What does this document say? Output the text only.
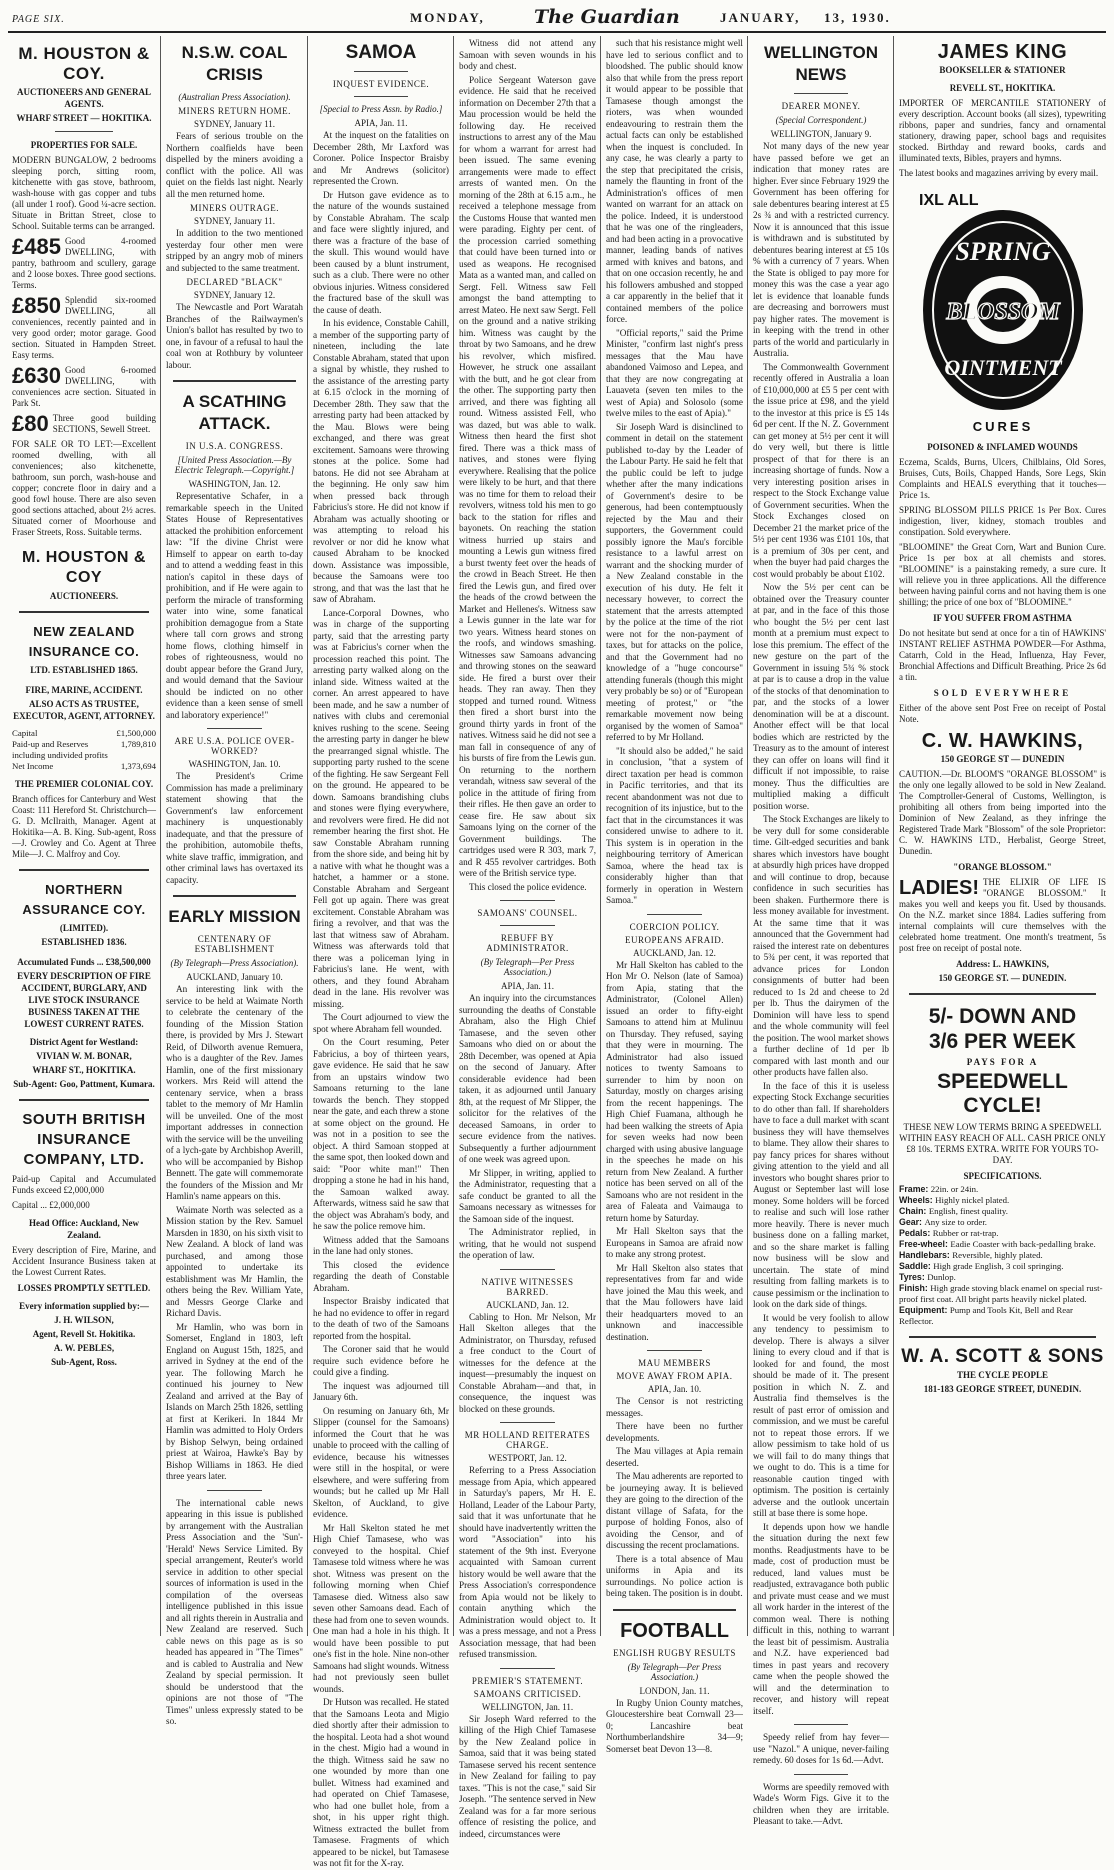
PAGE SIX.	MONDAY,	The Guardian	JANUARY, 13, 1930.
M. HOUSTON & COY.
AUCTIONEERS AND GENERAL AGENTS.
WHARF STREET — HOKITIKA.
PROPERTIES FOR SALE.
MODERN BUNGALOW, 2 bedrooms sleeping porch, sitting room, kitchenette with gas stove, bathroom, wash-house with gas copper and tubs (all under 1 roof). Good ¼-acre section. Situate in Brittan Street, close to School. Suitable terms can be arranged.
£485 Good 4-roomed DWELLING, with pantry, bathroom and scullery, garage and 2 loose boxes. Three good sections. Terms.
£850 Splendid six-roomed DWELLING, all conveniences, recently painted and in very good order; motor garage. Good section. Situated in Hampden Street. Easy terms.
£630 Good 6-roomed DWELLING, with conveniences acre section. Situated in Park St.
£80 Three good building SECTIONS, Sewell Street.
FOR SALE OR TO LET:—Excellent roomed dwelling, with all conveniences; also kitchenette, bathroom, sun porch, wash-house and copper; concrete floor in dairy and a good fowl house. There are also seven good sections attached, about 2½ acres. Situated corner of Moorhouse and Fraser Streets, Ross. Suitable terms.
M. HOUSTON & COY
AUCTIONEERS.
NEW ZEALAND INSURANCE CO.
LTD. ESTABLISHED 1865.
FIRE, MARINE, ACCIDENT.
ALSO ACTS AS TRUSTEE, EXECUTOR, AGENT, ATTORNEY.
Capital	£1,500,000
Paid-up and Reserves including undivided profits
1,789,810
Net Income	1,373,694
THE PREMIER COLONIAL COY.
Branch offices for Canterbury and West Coast: 111 Hereford St. Christchurch—G. D. McIlraith, Manager. Agent at Hokitika—A. B. King. Sub-agent, Ross—J. Crowley and Co. Agent at Three Mile—J. C. Malfroy and Coy.
NORTHERN ASSURANCE COY.
(LIMITED).
ESTABLISHED 1836.
Accumulated Funds ... £38,500,000
EVERY DESCRIPTION OF FIRE ACCIDENT, BURGLARY, AND LIVE STOCK INSURANCE BUSINESS TAKEN AT THE LOWEST CURRENT RATES.
District Agent for Westland:
VIVIAN W. M. BONAR,
WHARF ST., HOKITIKA.
Sub-Agent: Goo, Pattment, Kumara.
SOUTH BRITISH INSURANCE COMPANY, LTD.
Paid-up Capital and Accumulated Funds exceed £2,000,000
Capital ... £2,000,000
Head Office: Auckland, New Zealand.
Every description of Fire, Marine, and Accident Insurance Business taken at the Lowest Current Rates.
LOSSES PROMPTLY SETTLED.
Every information supplied by:—
J. H. WILSON,
Agent, Revell St. Hokitika.
A. W. PEBLES,
Sub-Agent, Ross.
N.S.W. COAL CRISIS
(Australian Press Association).
MINERS RETURN HOME.
SYDNEY, January 11.

Fears of serious trouble on the Northern coalfields have been dispelled by the miners avoiding a conflict with the police. All was quiet on the fields last night. Nearly all the men returned home.

MINERS OUTRAGE.
SYDNEY, January 11.

In addition to the two mentioned yesterday four other men were stripped by an angry mob of miners and subjected to the same treatment.

DECLARED "BLACK"
SYDNEY, January 12.

The Newcastle and Port Waratah Branches of the Railwaymen's Union's ballot has resulted by two to one, in favour of a refusal to haul the coal won at Rothbury by volunteer labour.

A SCATHING ATTACK.
IN U.S.A. CONGRESS.
[United Press Association.—By Electric Telegraph.—Copyright.]
WASHINGTON, Jan. 12.

Representative Schafer, in a remarkable speech in the United States House of Representatives attacked the prohibition enforcement law: "If the divine Christ were Himself to appear on earth to-day and to attend a wedding feast in this nation's capitol in these days of prohibition, and if He were again to perform the miracle of transforming water into wine, some fanatical prohibition demagogue from a State where tall corn grows and strong home flows, clothing himself in robes of righteousness, would no doubt appear before the Grand Jury, and would demand that the Saviour should be indicted on no other evidence than a keen sense of smell and laboratory experience!"

ARE U.S.A. POLICE OVER-WORKED?
WASHINGTON, Jan. 10.

The President's Crime Commission has made a preliminary statement showing that the Government's law enforcement machinery is unquestionably inadequate, and that the pressure of the prohibition, automobile thefts, white slave traffic, immigration, and other criminal laws has overtaxed its capacity.

EARLY MISSION
CENTENARY OF ESTABLISHMENT
(By Telegraph—Press Association).
AUCKLAND, January 10.

An interesting link with the service to be held at Waimate North to celebrate the centenary of the founding of the Mission Station there, is provided by Mrs J. Stewart Reid, of Dilworth avenue Remuera, who is a daughter of the Rev. James Hamlin, one of the first missionary workers. Mrs Reid will attend the centenary service, when a brass tablet to the memory of Mr Hamlin will be unveiled. One of the most important addresses in connection with the service will be the unveiling of a lych-gate by Archbishop Averill, who will be accompanied by Bishop Bennett. The gate will commemorate the founders of the Mission and Mr Hamlin's name appears on this.

Waimate North was selected as a Mission station by the Rev. Samuel Marsden in 1830, on his sixth visit to New Zealand. A block of land was purchased, and among those appointed to undertake its establishment was Mr Hamlin, the others being the Rev. William Yate, and Messrs George Clarke and Richard Davis.

Mr Hamlin, who was born in Somerset, England in 1803, left England on August 15th, 1825, and arrived in Sydney at the end of the year. The following March he continued his journey to New Zealand and arrived at the Bay of Islands on March 25th 1826, settling at first at Kerikeri. In 1844 Mr Hamlin was admitted to Holy Orders by Bishop Selwyn, being ordained priest at Wairoa, Hawke's Bay by Bishop Williams in 1863. He died three years later.

The international cable news appearing in this issue is published by arrangement with the Australian Press Association and the 'Sun'-'Herald' News Service Limited. By special arrangement, Reuter's world service in addition to other special sources of information is used in the compilation of the overseas intelligence published in this issue and all rights therein in Australia and New Zealand are reserved. Such cable news on this page as is so headed has appeared in "The Times" and is cabled to Australia and New Zealand by special permission. It should be understood that the opinions are not those of "The Times" unless expressly stated to be so.

SAMOA
INQUEST EVIDENCE.
[Special to Press Assn. by Radio.]
APIA, Jan. 11.

At the inquest on the fatalities on December 28th, Mr Laxford was Coroner. Police Inspector Braisby and Mr Andrews (solicitor) represented the Crown.

Dr Hutson gave evidence as to the nature of the wounds sustained by Constable Abraham. The scalp and face were slightly injured, and there was a fracture of the base of the skull. This wound would have been caused by a blunt instrument, such as a club. There were no other obvious injuries. Witness considered the fractured base of the skull was the cause of death.

In his evidence, Constable Cahill, a member of the supporting party of nineteen, including the late Constable Abraham, stated that upon a signal by whistle, they rushed to the assistance of the arresting party at 6.15 o'clock in the morning of December 28th. They saw that the arresting party had been attacked by the Mau. Blows were being exchanged, and there was great excitement. Samoans were throwing stones at the police. Some had batons. He did not see Abraham at the beginning. He only saw him when pressed back through Fabricius's store. He did not know if Abraham was actually shooting or was attempting to reload his revolver or nor did he know what caused Abraham to be knocked down. Assistance was impossible, because the Samoans were too strong, and that was the last that he saw of Abraham.

Lance-Corporal Downes, who was in charge of the supporting party, said that the arresting party was at Fabricius's corner when the procession reached this point. The arresting party walked along on the inland side. Witness waited at the corner. An arrest appeared to have been made, and he saw a number of natives with clubs and ceremonial knives rushing to the scene. Seeing the arresting party in danger he blew the prearranged signal whistle. The supporting party rushed to the scene of the fighting. He saw Sergeant Fell on the ground. He appeared to be down. Samoans brandishing clubs and stones were flying everywhere, and revolvers were fired. He did not remember hearing the first shot. He saw Constable Abraham running from the shore side, and being hit by a native with what he thought was a hatchet, a hammer or a stone. Constable Abraham and Sergeant Fell got up again. There was great excitement. Constable Abraham was firing a revolver, and that was the last that witness saw of Abraham. Witness was afterwards told that there was a policeman lying in Fabricius's lane. He went, with others, and they found Abraham dead in the lane. His revolver was missing.

The Court adjourned to view the spot where Abraham fell wounded.

On the Court resuming, Peter Fabricius, a boy of thirteen years, gave evidence. He said that he saw from an upstairs window two Samoans returning to the lane towards the bench. They stopped near the gate, and each threw a stone at some object on the ground. He was not in a position to see the object. A third Samoan stopped at the same spot, then looked down and said: "Poor white man!" Then dropping a stone he had in his hand, the Samoan walked away. Afterwards, witness said he saw that the object was Abraham's body, and he saw the police remove him.

Witness added that the Samoans in the lane had only stones.

This closed the evidence regarding the death of Constable Abraham.

Inspector Braisby indicated that he had no evidence to offer in regard to the death of two of the Samoans reported from the hospital.

The Coroner said that he would require such evidence before he could give a finding.

The inquest was adjourned till January 6th.

On resuming on January 6th, Mr Slipper (counsel for the Samoans) informed the Court that he was unable to proceed with the calling of evidence, because his witnesses were still in the hospital, or were elsewhere, and were suffering from wounds; but he called up Mr Hall Skelton, of Auckland, to give evidence.

Mr Hall Skelton stated he met High Chief Tamasese, who was conveyed to the hospital. Chief Tamasese told witness where he was shot. Witness was present on the following morning when Chief Tamasese died. Witness also saw seven other Samoans dead. Each of these had from one to seven wounds. One man had a hole in his thigh. It would have been possible to put one's fist in the hole. Nine non-other Samoans had slight wounds. Witness had not previously seen bullet wounds.

Dr Hutson was recalled. He stated that the Samoans Leota and Migio died shortly after their admission to the hospital. Leota had a shot wound in the chest. Migio had a wound in the thigh. Witness said he saw no one wounded by more than one bullet. Witness had examined and had operated on Chief Tamasese, who had one bullet hole, from a shot, in his upper right thigh. Witness extracted the bullet from Tamasese. Fragments of which appeared to be nickel, but Tamasese was not fit for the X-ray.

Witness did not attend any Samoan with seven wounds in his body and chest.

Police Sergeant Waterson gave evidence. He said that he received information on December 27th that a Mau procession would be held the following day. He received instructions to arrest any of the Mau for whom a warrant for arrest had been issued. The same evening arrangements were made to effect arrests of wanted men. On the morning of the 28th at 6.15 a.m., he received a telephone message from the Customs House that wanted men were parading. Eighty per cent. of the procession carried something that could have been turned into or used as weapons. He recognised Mata as a wanted man, and called on Sergt. Fell. Witness saw Fell amongst the band attempting to arrest Mateo. He next saw Sergt. Fell on the ground and a native striking him. Witness was caught by the throat by two Samoans, and he drew his revolver, which misfired. However, he struck one assailant with the butt, and he got clear from the other. The supporting party then arrived, and there was fighting all round. Witness assisted Fell, who was dazed, but was able to walk. Witness then heard the first shot fired. There was a thick mass of natives, and stones were flying everywhere. Realising that the police were likely to be hurt, and that there was no time for them to reload their revolvers, witness told his men to go back to the station for rifles and bayonets. On reaching the station witness hurried up stairs and mounting a Lewis gun witness fired a burst twenty feet over the heads of the crowd in Beach Street. He then fired the Lewis gun, and fired over the heads of the crowd between the Market and Hellenes's. Witness saw a Lewis gunner in the late war for two years. Witness heard stones on the roofs, and windows smashing. Witnesses saw Samoans advancing and throwing stones on the seaward side. He fired a burst over their heads. They ran away. Then they stopped and turned round. Witness then fired a short burst into the ground thirty yards in front of the natives. Witness said he did not see a man fall in consequence of any of his bursts of fire from the Lewis gun. On returning to the northern verandah, witness saw several of the police in the attitude of firing from their rifles. He then gave an order to cease fire. He saw about six Samoans lying on the corner of the Government buildings. The cartridges used were R 303, mark 7, and R 455 revolver cartridges. Both were of the British service type.

This closed the police evidence.

SAMOANS' COUNSEL.
REBUFF BY ADMINISTRATOR.
(By Telegraph—Per Press Association.)
APIA, Jan. 11.

An inquiry into the circumstances surrounding the deaths of Constable Abraham, also the High Chief Tamasese, and the seven other Samoans who died on or about the 28th December, was opened at Apia on the second of January. After considerable evidence had been taken, it as adjourned until January 8th, at the request of Mr Slipper, the solicitor for the relatives of the deceased Samoans, in order to secure evidence from the natives. Subsequently a further adjournment of one week was agreed upon.

Mr Slipper, in writing, applied to the Administrator, requesting that a safe conduct be granted to all the Samoans necessary as witnesses for the Samoan side of the inquest.

The Administrator replied, in writing, that he would not suspend the operation of law.

NATIVE WITNESSES BARRED.
AUCKLAND, Jan. 12.

Cabling to Hon. Mr Nelson, Mr Hall Skelton alleges that the Administrator, on Thursday, refused a free conduct to the Court of witnesses for the defence at the inquest—presumably the inquest on Constable Abraham—and that, in consequence, the inquest was blocked on these grounds.

MR HOLLAND REITERATES CHARGE.
WESTPORT, Jan. 12.

Referring to a Press Association message from Apia, which appeared in Saturday's papers, Mr H. E. Holland, Leader of the Labour Party, said that it was unfortunate that he should have inadvertently written the word "Association" into his statement of the 9th inst. Everyone acquainted with Samoan current history would be well aware that the Press Association's correspondence from Apia would not be likely to contain anything which the Administration would object to. It was a press message, and not a Press Association message, that had been refused transmission.

PREMIER'S STATEMENT.
SAMOANS CRITICISED.
WELLINGTON, Jan. 11.

Sir Joseph Ward referred to the killing of the High Chief Tamasese by the New Zealand police in Samoa, said that it was being stated Tamasese served his recent sentence in New Zealand for failing to pay taxes. "This is not the case," said Sir Joseph. "The sentence served in New Zealand was for a far more serious offence of resisting the police, and indeed, circumstances were

such that his resistance might well have led to serious conflict and to bloodshed. The public should know also that while from the press report it would appear to be possible that Tamasese though amongst the rioters, was when wounded endeavouring to restrain them the actual facts can only be established when the inquest is concluded. In any case, he was clearly a party to the step that precipitated the crisis, namely the flaunting in front of the Administration's offices of men wanted on warrant for an attack on the police. Indeed, it is understood that he was one of the ringleaders, and had been acting in a provocative manner, leading bands of natives armed with knives and batons, and that on one occasion recently, he and his followers ambushed and stopped a car apparently in the belief that it contained members of the police force.

"Official reports," said the Prime Minister, "confirm last night's press messages that the Mau have abandoned Vaimoso and Lepea, and that they are now congregating at Lauaveta (seven ten miles to the west of Apia) and Solosolo (some twelve miles to the east of Apia)."

Sir Joseph Ward is disinclined to comment in detail on the statement published to-day by the Leader of the Labour Party. He said he felt that the public could be left to judge whether after the many indications of Government's desire to be generous, had been contemptuously rejected by the Mau and their supporters, the Government could possibly ignore the Mau's forcible resistance to a lawful arrest on warrant and the shocking murder of a New Zealand constable in the execution of his duty. He felt it necessary however, to correct the statement that the arrests attempted by the police at the time of the riot were not for the non-payment of taxes, but for attacks on the police, and that the Government had no knowledge of a "huge concourse" attending funerals (though this might very probably be so) or of "European meeting of protest," or "the remarkable movement now being organised by the women of Samoa" referred to by Mr Holland.

"It should also be added," he said in conclusion, "that a system of direct taxation per head is common in Pacific territories, and that its recent abandonment was not due to recognition of its injustice, but to the fact that in the circumstances it was considered unwise to adhere to it. This system is in operation in the neighbouring territory of American Samoa, where the head tax is considerably higher than that formerly in operation in Western Samoa."

COERCION POLICY.
EUROPEANS AFRAID.
AUCKLAND, Jan. 12.

Mr Hall Skelton has cabled to the Hon Mr O. Nelson (late of Samoa) from Apia, stating that the Administrator, (Colonel Allen) issued an order to fifty-eight Samoans to attend him at Mulinuu on Thursday. They refused, saying that they were in mourning. The Administrator had also issued notices to twenty Samoans to surrender to him by noon on Saturday, mostly on charges arising from the recent happenings. The High Chief Fuamana, although he had been walking the streets of Apia for seven weeks had now been charged with using abusive language in the speeches he made on his return from New Zealand. A further notice has been served on all of the Samoans who are not resident in the area of Faleata and Vaimauga to return home by Saturday.

Mr Hall Skelton says that the Europeans in Samoa are afraid now to make any strong protest.

Mr Hall Skelton also states that representatives from far and wide have joined the Mau this week, and that the Mau followers have laid their headquarters moved to an unknown and inaccessible destination.

MAU MEMBERS
MOVE AWAY FROM APIA.
APIA, Jan. 10.

The Censor is not restricting messages.

There have been no further developments.

The Mau villages at Apia remain deserted.

The Mau adherents are reported to be journeying away. It is believed they are going to the direction of the distant village of Safata, for the purpose of holding Fonos, also of avoiding the Censor, and of discussing the recent proclamations.

There is a total absence of Mau uniforms in Apia and its surroundings. No police action is being taken. The position is in doubt.

FOOTBALL
ENGLISH RUGBY RESULTS
(By Telegraph—Per Press Association.)
LONDON, Jan. 11.

In Rugby Union County matches, Gloucestershire beat Cornwall 23—0; Lancashire beat Northumberlandshire 34—9; Somerset beat Devon 13—8.

WELLINGTON NEWS
DEARER MONEY.
(Special Correspondent.)
WELLINGTON, January 9.

Not many days of the new year have passed before we get an indication that money rates are higher. Ever since February 1929 the Government has been offering for sale debentures bearing interest at £5 2s ¾ and with a restricted currency. Now it is announced that this issue is withdrawn and is substituted by debentures bearing interest at £5 10s % with a currency of 7 years. When the State is obliged to pay more for money this was the case a year ago let is evidence that loanable funds are decreasing and borrowers must pay higher rates. The movement is in keeping with the trend in other parts of the world and particularly in Australia.

The Commonwealth Government recently offered in Australia a loan of £10,000,000 at £5 5 per cent with the issue price at £98, and the yield to the investor at this price is £5 14s 6d per cent. If the N. Z. Government can get money at 5½ per cent it will do very well, but there is little prospect of that for there is an increasing shortage of funds. Now a very interesting position arises in respect to the Stock Exchange value of Government securities. When the Stock Exchanges closed on December 21 the market price of the 5½ per cent 1936 was £101 10s, that is a premium of 30s per cent, and when the buyer had paid charges the cost would probably be about £102.

Now the 5½ per cent can be obtained over the Treasury counter at par, and in the face of this those who bought the 5½ per cent last month at a premium must expect to lose this premium. The effect of the new gesture on the part of the Government in issuing 5¾ % stock at par is to cause a drop in the value of the stocks of that denomination to par, and the stocks of a lower denomination will be at a discount. Another effect will be that local bodies which are restricted by the Treasury as to the amount of interest they can offer on loans will find it difficult if not impossible, to raise money. Thus the difficulties are multiplied making a difficult position worse.

The Stock Exchanges are likely to be very dull for some considerable time. Gilt-edged securities and bank shares which investors have bought at absurdly high prices have dropped and will continue to drop, because confidence in such securities has been shaken. Furthermore there is less money available for investment. At the same time that it was announced that the Government had raised the interest rate on debentures to 5¾ per cent, it was reported that advance prices for London consignments of butter had been reduced to 1s 2d and cheese to 2d per lb. Thus the dairymen of the Dominion will have less to spend and the whole community will feel the position. The wool market shows a further decline of 1d per lb compared with last month and our other products have fallen also.

In the face of this it is useless expecting Stock Exchange securities to do other than fall. If shareholders have to face a dull market with scant business they will have themselves to blame. They allow their shares to pay fancy prices for shares without giving attention to the yield and all investors who bought shares prior to August or September last will lose money. Some holders will be forced to realise and such will lose rather more heavily. There is never much business done on a falling market, and so the share market is falling now business will be slow and uncertain. The state of mind resulting from falling markets is to cause pessimism or the inclination to look on the dark side of things.

It would be very foolish to allow any tendency to pessimism to develop. There is always a silver lining to every cloud and if that is looked for and found, the most should be made of it. The present position in which N. Z. and Australia find themselves is the result of past error of omission and commission, and we must be careful not to repeat those errors. If we allow pessimism to take hold of us we will fail to do many things that we ought to do. This is a time for reasonable caution tinged with optimism. The position is certainly adverse and the outlook uncertain still at base there is some hope.

It depends upon how we handle the situation during the next few months. Readjustments have to be made, cost of production must be reduced, land values must be readjusted, extravagance both public and private must cease and we must all work harder in the interest of the common weal. There is nothing difficult in this, nothing to warrant the least bit of pessimism. Australia and N.Z. have experienced bad times in past years and recovery came when the people showed the will and the determination to recover, and history will repeat itself.

Speedy relief from hay fever—use "Nazol." A unique, never-failing remedy. 60 doses for 1s 6d.—Advt.

Worms are speedily removed with Wade's Worm Figs. Give it to the children when they are irritable. Pleasant to take.—Advt.

JAMES KING
BOOKSELLER & STATIONER
REVELL ST., HOKITIKA.
IMPORTER OF MERCANTILE STATIONERY of every description. Account books (all sizes), typewriting ribbons, paper and sundries, fancy and ornamental stationery, drawing paper, school bags and requisites stocked. Birthday and reward books, cards and illuminated texts, Bibles, prayers and hymns.
The latest books and magazines arriving by every mail.
IXL ALL
SPRING
BLOSSOM
OINTMENT
CURES
POISONED & INFLAMED WOUNDS
Eczema, Scalds, Burns, Ulcers, Chilblains, Old Sores, Bruises, Cuts, Boils, Chapped Hands, Sore Legs, Skin Complaints and HEALS everything that it touches—Price 1s.
SPRING BLOSSOM PILLS PRICE 1s Per Box. Cures indigestion, liver, kidney, stomach troubles and constipation. Sold everywhere.
"BLOOMINE" the Great Corn, Wart and Bunion Cure. Price 1s per box at all chemists and stores. "BLOOMINE" is a painstaking remedy, a sure cure. It will relieve you in three applications. All the difference between having painful corns and not having them is one shilling; the price of one box of "BLOOMINE."
IF YOU SUFFER FROM ASTHMA
Do not hesitate but send at once for a tin of HAWKINS' INSTANT RELIEF ASTHMA POWDER—For Asthma, Catarrh, Cold in the Head, Influenza, Hay Fever, Bronchial Affections and Difficult Breathing. Price 2s 6d a tin.
SOLD EVERYWHERE
Either of the above sent Post Free on receipt of Postal Note.
C. W. HAWKINS,
150 GEORGE ST — DUNEDIN
CAUTION.—Dr. BLOOM'S "ORANGE BLOSSOM" is the only one legally allowed to be sold in New Zealand. The Comptroller-General of Customs, Wellington, is prohibiting all others from being imported into the Dominion of New Zealand, as they infringe the Registered Trade Mark "Blossom" of the sole Proprietor: C. W. HAWKINS LTD., Herbalist, George Street, Dunedin.
"ORANGE BLOSSOM."
LADIES! THE ELIXIR OF LIFE IS "ORANGE BLOSSOM." It makes you well and keeps you fit. Used by thousands. On the N.Z. market since 1884. Ladies suffering from internal complaints will cure themselves with the celebrated home treatment. One month's treatment, 5s post free on receipt of postal note.
Address: L. HAWKINS,
150 GEORGE ST. — DUNEDIN.
5/- DOWN AND
3/6 PER WEEK
PAYS FOR A
SPEEDWELL CYCLE!
THESE NEW LOW TERMS BRING A SPEEDWELL WITHIN EASY REACH OF ALL. CASH PRICE ONLY £8 10s. TERMS EXTRA. WRITE FOR YOURS TO-DAY.
SPECIFICATIONS.
Frame: 22in. or 24in.
Wheels: Highly nickel plated.
Chain: English, finest quality.
Gear: Any size to order.
Pedals: Rubber or rat-trap.
Free-wheel: Eadie Coaster with back-pedalling brake.
Handlebars: Reversible, highly plated.
Saddle: High grade English, 3 coil springing.
Tyres: Dunlop.
Finish: High grade stoving black enamel on special rust-proof first coat. All bright parts heavily nickel plated.
Equipment: Pump and Tools Kit, Bell and Rear Reflector.
W. A. SCOTT & SONS
THE CYCLE PEOPLE
181-183 GEORGE STREET, DUNEDIN.
